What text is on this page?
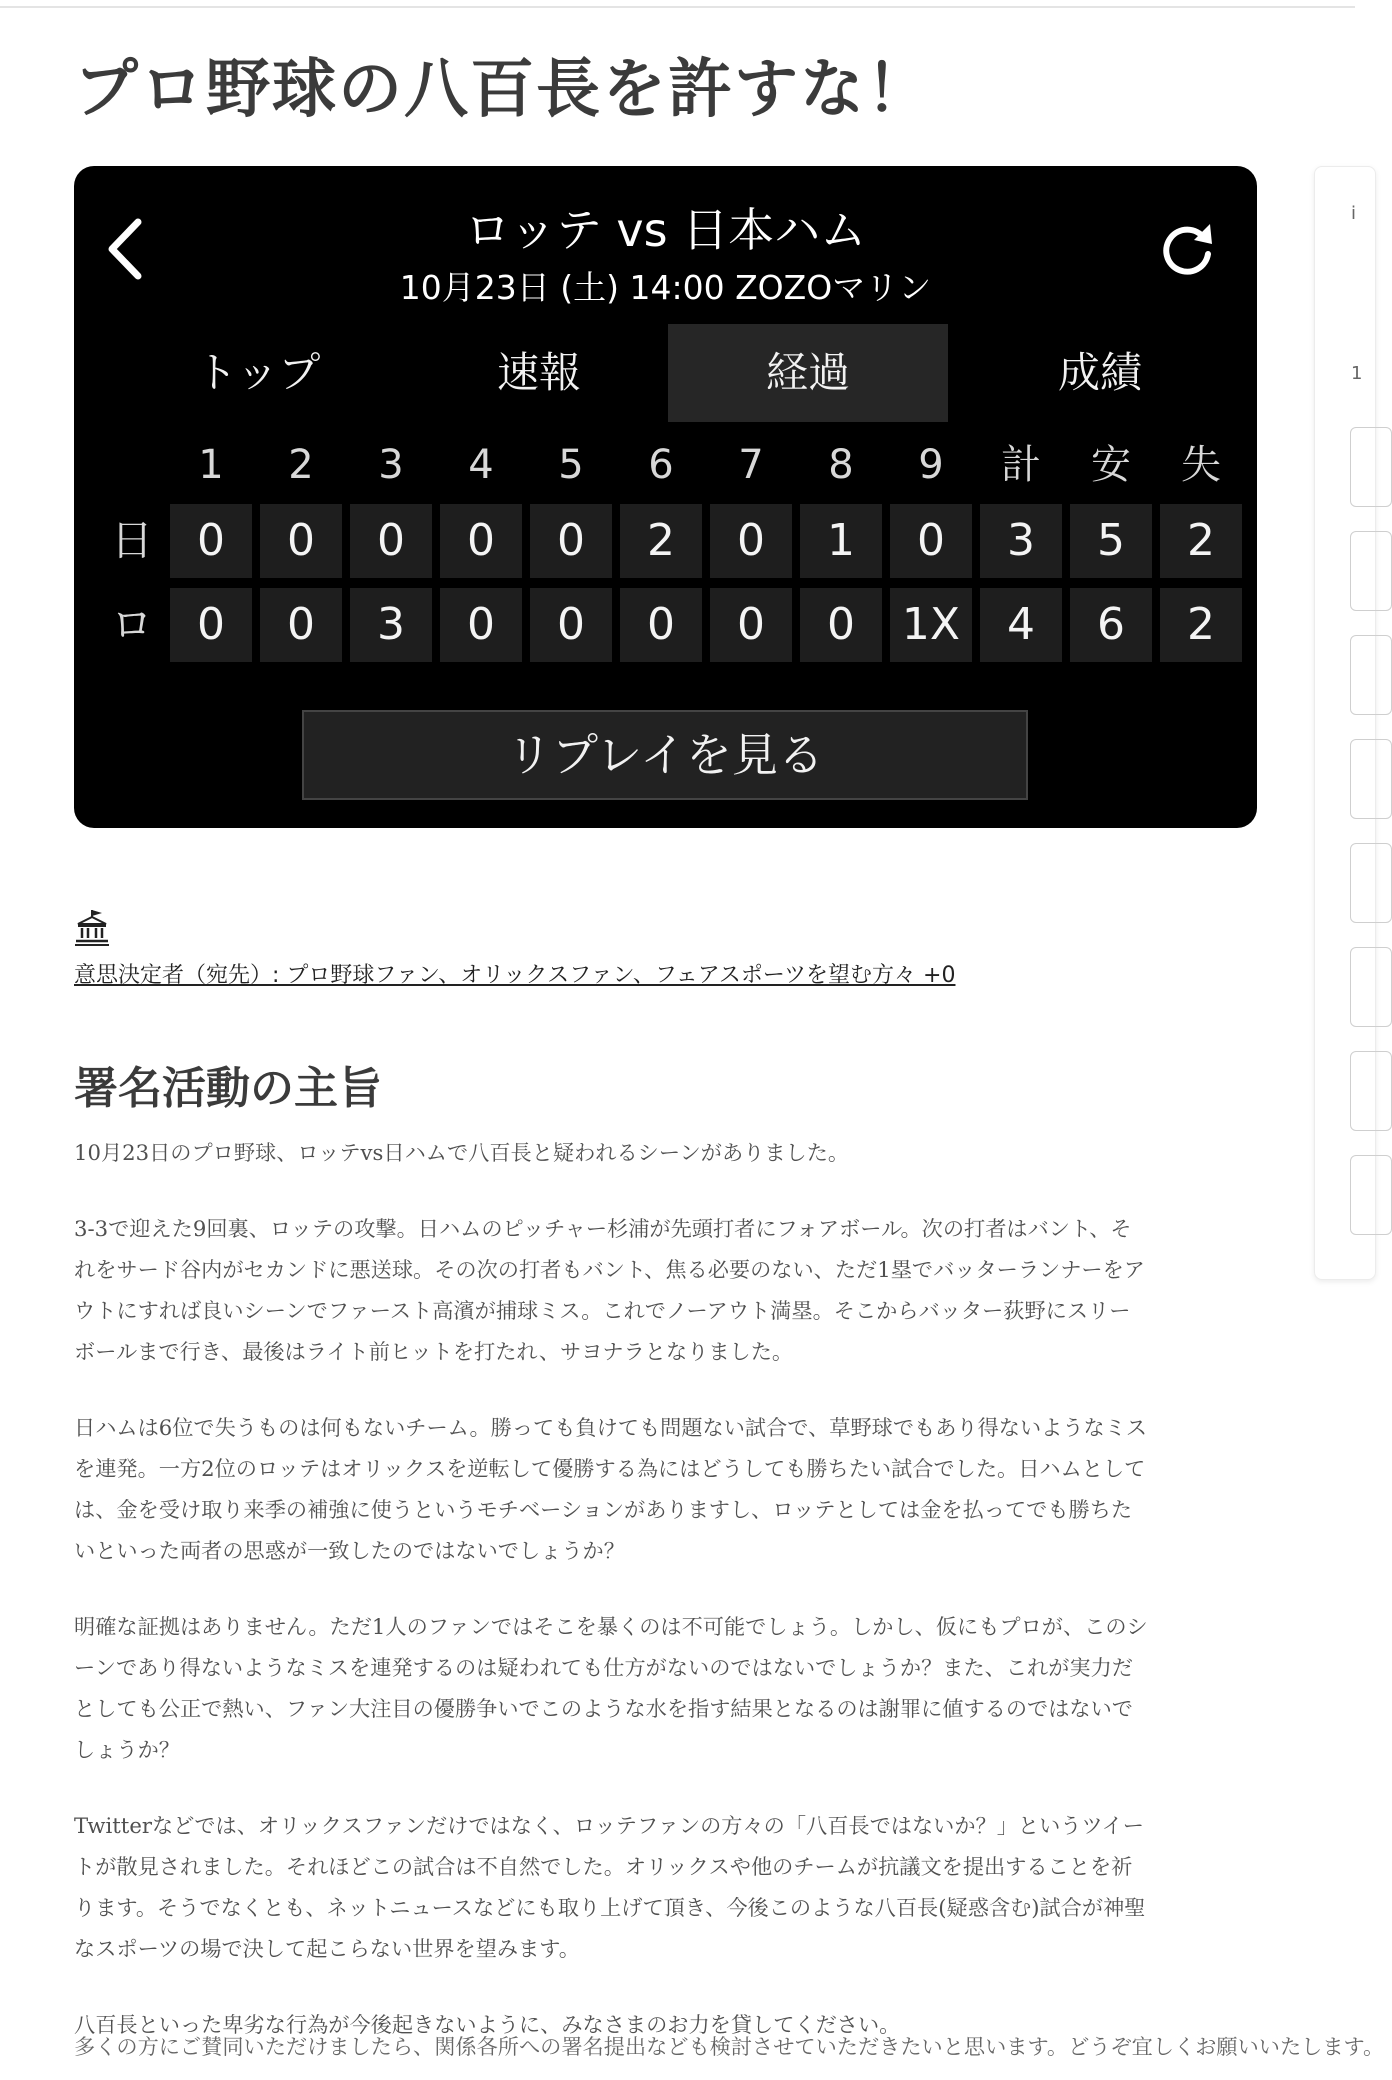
プロ野球の八百長を許すな！
ロッテ vs 日本ハム
10月23日 (土) 14:00 ZOZOマリン
トップ	速報	経過	成績
1	2	3	4	5	6	7	8	9	計	安	失
日	0	0	0	0	0	2	0	1	0	3	5	2
ロ	0	0	3	0	0	0	0	0	1X	4	6	2
リプレイを見る
i
1
意思決定者（宛先）: プロ野球ファン、オリックスファン、フェアスポーツを望む方々 +0
署名活動の主旨

10月23日のプロ野球、ロッテvs日ハムで八百長と疑われるシーンがありました。

3-3で迎えた9回裏、ロッテの攻撃。日ハムのピッチャー杉浦が先頭打者にフォアボール。次の打者はバント、そ
れをサード谷内がセカンドに悪送球。その次の打者もバント、焦る必要のない、ただ1塁でバッターランナーをア
ウトにすれば良いシーンでファースト高濱が捕球ミス。これでノーアウト満塁。そこからバッター荻野にスリー
ボールまで行き、最後はライト前ヒットを打たれ、サヨナラとなりました。

日ハムは6位で失うものは何もないチーム。勝っても負けても問題ない試合で、草野球でもあり得ないようなミス
を連発。一方2位のロッテはオリックスを逆転して優勝する為にはどうしても勝ちたい試合でした。日ハムとして
は、金を受け取り来季の補強に使うというモチベーションがありますし、ロッテとしては金を払ってでも勝ちた
いといった両者の思惑が一致したのではないでしょうか？

明確な証拠はありません。ただ1人のファンではそこを暴くのは不可能でしょう。しかし、仮にもプロが、このシ
ーンであり得ないようなミスを連発するのは疑われても仕方がないのではないでしょうか？また、これが実力だ
としても公正で熱い、ファン大注目の優勝争いでこのような水を指す結果となるのは謝罪に値するのではないで
しょうか？

Twitterなどでは、オリックスファンだけではなく、ロッテファンの方々の「八百長ではないか？」というツイー
トが散見されました。それほどこの試合は不自然でした。オリックスや他のチームが抗議文を提出することを祈
ります。そうでなくとも、ネットニュースなどにも取り上げて頂き、今後このような八百長(疑惑含む)試合が神聖
なスポーツの場で決して起こらない世界を望みます。

八百長といった卑劣な行為が今後起きないように、みなさまのお力を貸してください。

多くの方にご賛同いただけましたら、関係各所への署名提出なども検討させていただきたいと思います。どうぞ宜しくお願いいたします。
